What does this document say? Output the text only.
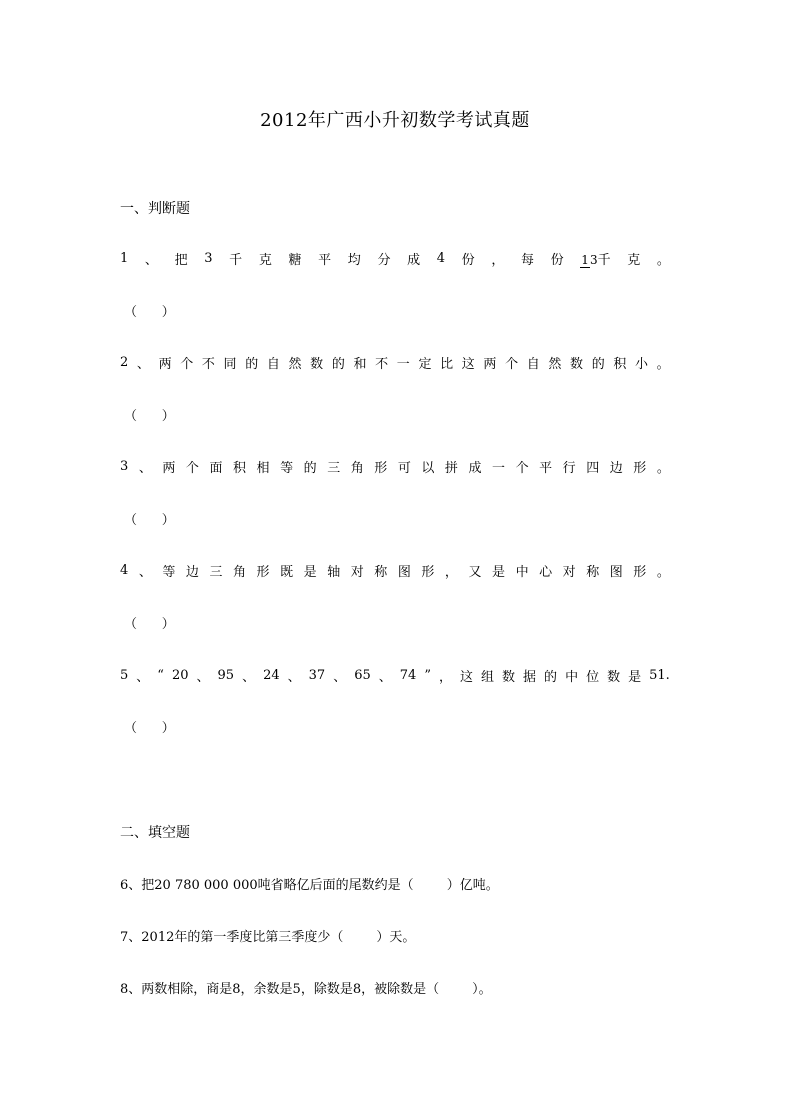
2012年广西小升初数学考试真题
一、判断题
1 、 把 3 千 克 糖 平 均 分 成 4 份 ， 每 份 13千 克 。
（      ）
2 、 两 个 不 同 的 自 然 数 的 和 不 一 定 比 这 两 个 自 然 数 的 积 小 。
（      ）
3 、 两 个 面 积 相 等 的 三 角 形 可 以 拼 成 一 个 平 行 四 边 形 。
（      ）
4 、 等 边 三 角 形 既 是 轴 对 称 图 形 ， 又 是 中 心 对 称 图 形 。
（      ）
5 、 “ 20 、 95 、 24 、 37 、 65 、 74 ” ， 这 组 数 据 的 中 位 数 是 51.
（      ）
二、填空题
6、把20 780 000 000吨省略亿后面的尾数约是（        ）亿吨。
7、2012年的第一季度比第三季度少（        ）天。
8、两数相除，商是8，余数是5，除数是8，被除数是（        ）。
